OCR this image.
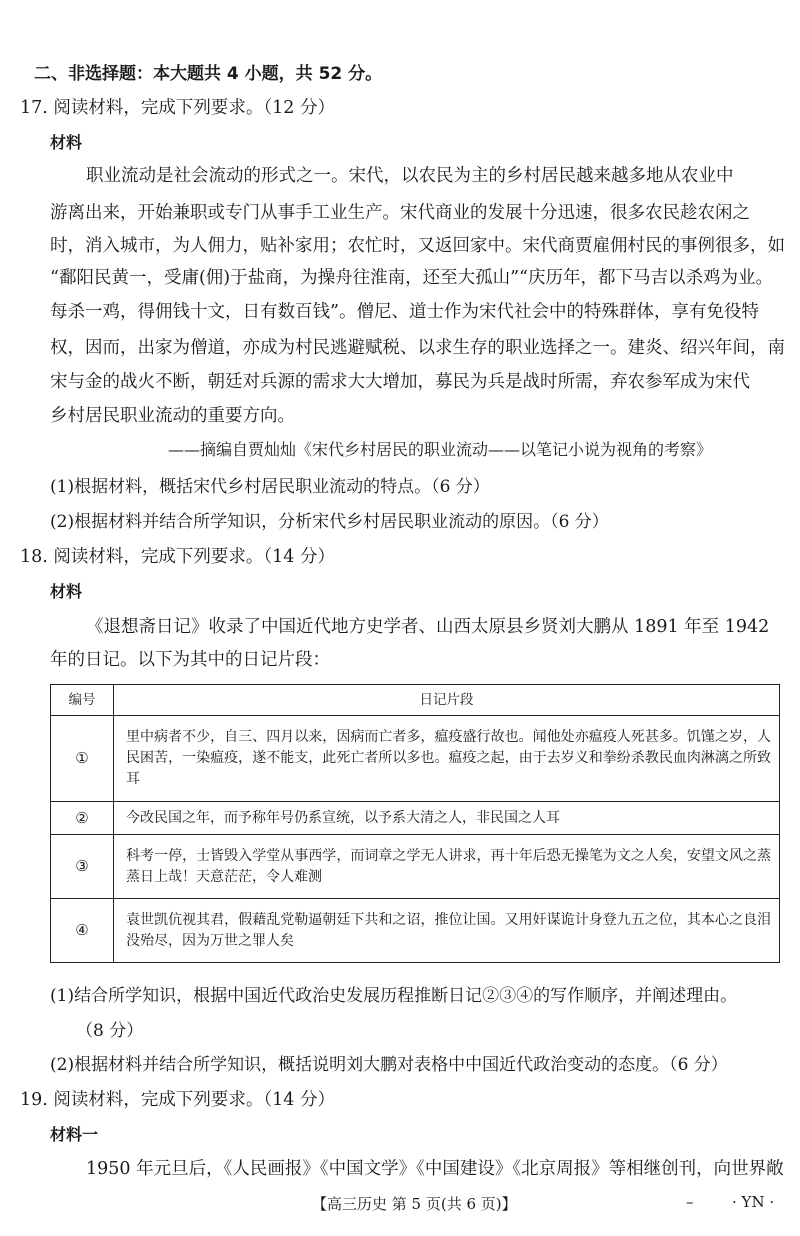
二、非选择题：本大题共 4 小题，共 52 分。
17. 阅读材料，完成下列要求。（12 分）
材料
职业流动是社会流动的形式之一。宋代，以农民为主的乡村居民越来越多地从农业中
游离出来，开始兼职或专门从事手工业生产。宋代商业的发展十分迅速，很多农民趁农闲之
时，消入城市，为人佣力，贴补家用；农忙时，又返回家中。宋代商贾雇佣村民的事例很多，如
“鄱阳民黄一，受庸(佣)于盐商，为操舟往淮南，还至大孤山”“庆历年，都下马吉以杀鸡为业。
每杀一鸡，得佣钱十文，日有数百钱”。僧尼、道士作为宋代社会中的特殊群体，享有免役特
权，因而，出家为僧道，亦成为村民逃避赋税、以求生存的职业选择之一。建炎、绍兴年间，南
宋与金的战火不断，朝廷对兵源的需求大大增加，募民为兵是战时所需，弃农参军成为宋代
乡村居民职业流动的重要方向。
——摘编自贾灿灿《宋代乡村居民的职业流动——以笔记小说为视角的考察》
(1)根据材料，概括宋代乡村居民职业流动的特点。（6 分）
(2)根据材料并结合所学知识，分析宋代乡村居民职业流动的原因。（6 分）
18. 阅读材料，完成下列要求。（14 分）
材料
《退想斋日记》收录了中国近代地方史学者、山西太原县乡贤刘大鹏从 1891 年至 1942
年的日记。以下为其中的日记片段：
编号	日记片段
①	里中病者不少，自三、四月以来，因病而亡者多，瘟疫盛行故也。闻他处亦瘟疫人死甚多。饥馑之岁，人民困苦，一染瘟疫，遂不能支，此死亡者所以多也。瘟疫之起，由于去岁义和拳纷杀教民血肉淋漓之所致耳
②	今改民国之年，而予称年号仍系宣统，以予系大清之人，非民国之人耳
③	科考一停，士皆毁入学堂从事西学，而词章之学无人讲求，再十年后恐无操笔为文之人矣，安望文风之蒸蒸日上哉！天意茫茫，令人难测
④	袁世凯伉视其君，假藉乱党勒逼朝廷下共和之诏，推位让国。又用奸谋诡计身登九五之位，其本心之良泪没殆尽，因为万世之罪人矣
(1)结合所学知识，根据中国近代政治史发展历程推断日记②③④的写作顺序，并阐述理由。
（8 分）
(2)根据材料并结合所学知识，概括说明刘大鹏对表格中中国近代政治变动的态度。（6 分）
19. 阅读材料，完成下列要求。（14 分）
材料一
1950 年元旦后，《人民画报》《中国文学》《中国建设》《北京周报》等相继创刊，向世界敞
【高三历史 第 5 页(共 6 页)】	–	· YN ·
